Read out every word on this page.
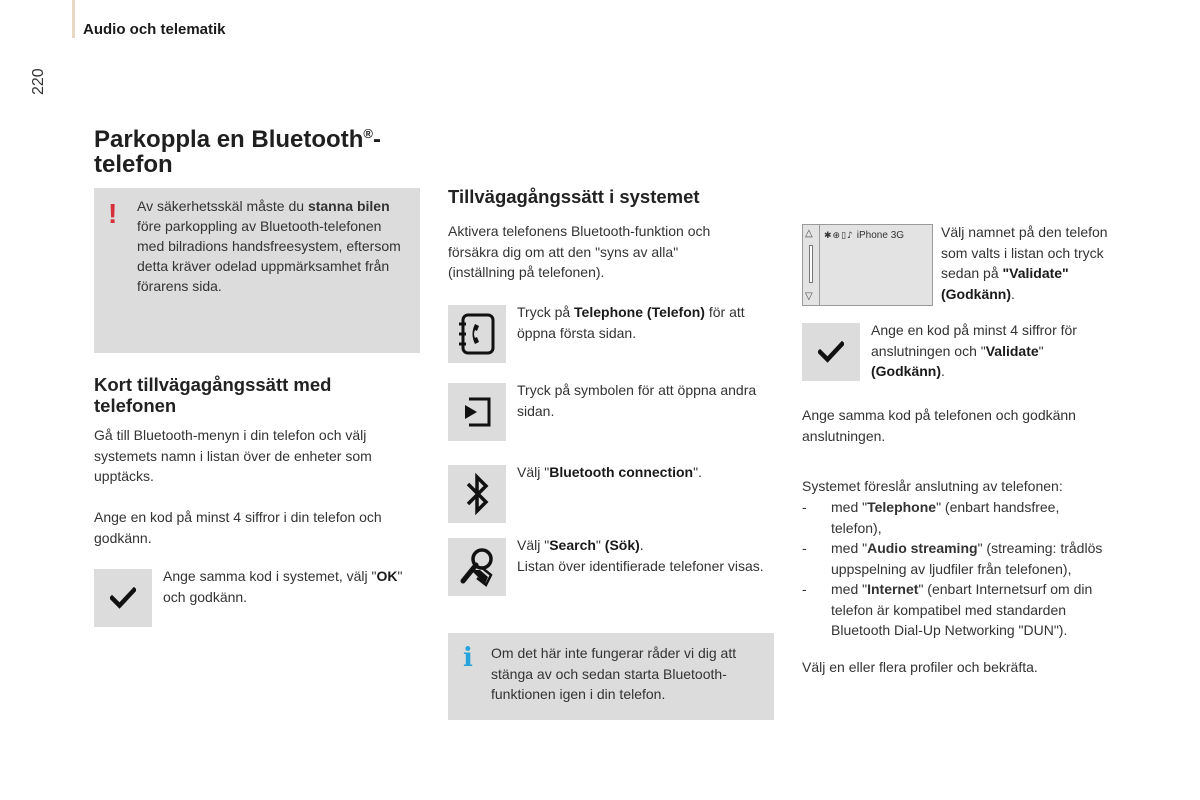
Audio och telematik
220
Parkoppla en Bluetooth®-telefon
! Av säkerhetsskäl måste du stanna bilen före parkoppling av Bluetooth-telefonen med bilradions handsfreesystem, eftersom detta kräver odelad uppmärksamhet från förarens sida.

Kort tillvägagångssätt med telefonen

Gå till Bluetooth-menyn i din telefon och välj systemets namn i listan över de enheter som upptäcks.

Ange en kod på minst 4 siffror i din telefon och godkänn.

Ange samma kod i systemet, välj "OK" och godkänn.

Tillvägagångssätt i systemet

Aktivera telefonens Bluetooth-funktion och försäkra dig om att den "syns av alla" (inställning på telefonen).

Tryck på Telephone (Telefon) för att öppna första sidan.

Tryck på symbolen för att öppna andra sidan.

Välj "Bluetooth connection".

Välj "Search" (Sök).
Listan över identifierade telefoner visas.
i Om det här inte fungerar råder vi dig att stänga av och sedan starta Bluetooth-funktionen igen i din telefon.

△
▽
✱⊕▯♪ iPhone 3G	Välj namnet på den telefon som valts i listan och tryck sedan på "Validate" (Godkänn).

Ange en kod på minst 4 siffror för anslutningen och "Validate" (Godkänn).

Ange samma kod på telefonen och godkänn anslutningen.

Systemet föreslår anslutning av telefonen:

- med "Telephone" (enbart handsfree, telefon),
- med "Audio streaming" (streaming: trådlös uppspelning av ljudfiler från telefonen),
- med "Internet" (enbart Internetsurf om din telefon är kompatibel med standarden Bluetooth Dial-Up Networking "DUN").

Välj en eller flera profiler och bekräfta.
